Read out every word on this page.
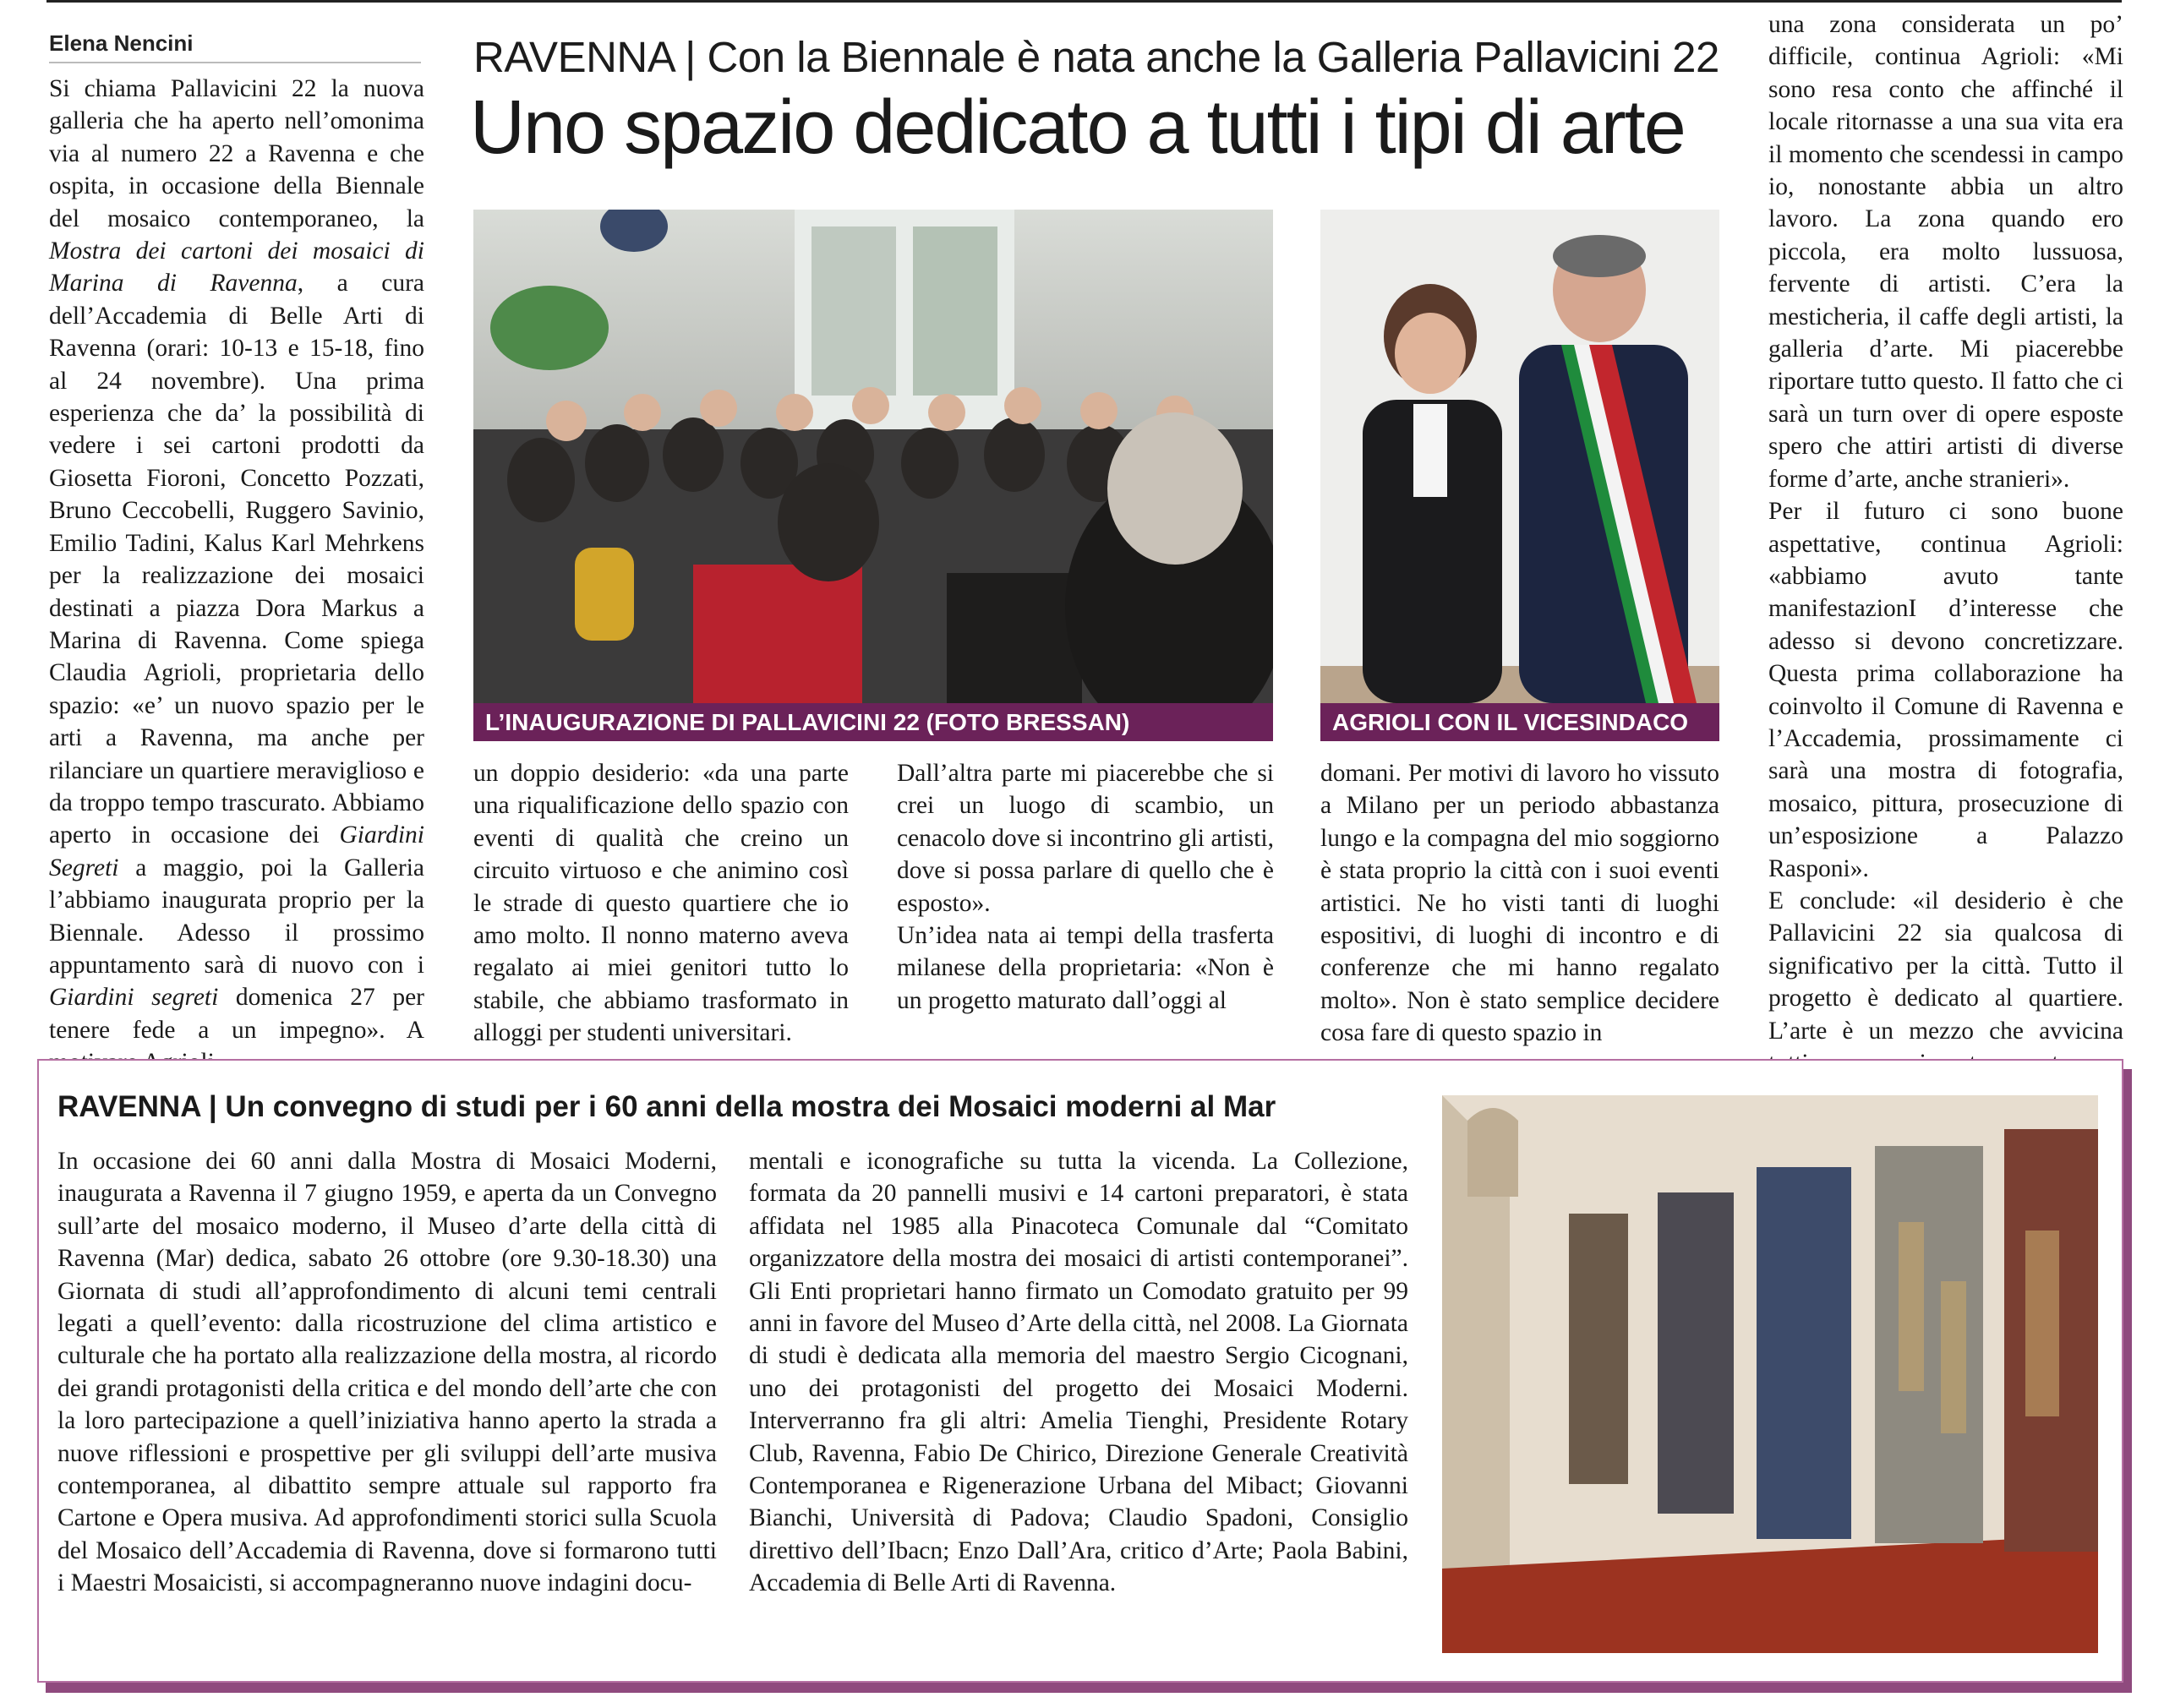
Elena Nencini	RAVENNA | Con la Biennale è nata anche la Galleria Pallavicini 22
Uno spazio dedicato a tutti i tipi di arte

Si chiama Pallavicini 22 la nuova galleria che ha aperto nell’omonima via al numero 22 a Ravenna e che ospita, in occasione della Biennale del mosaico contemporaneo, la Mostra dei cartoni dei mosaici di Marina di Ravenna, a cura dell’Accademia di Belle Arti di Ravenna (orari: 10-13 e 15-18, fino al 24 novembre). Una prima esperienza che da’ la possibilità di vedere i sei cartoni prodotti da Giosetta Fioroni, Concetto Pozzati, Bruno Ceccobelli, Ruggero Savinio, Emilio Tadini, Kalus Karl Mehrkens per la realizzazione dei mosaici destinati a piazza Dora Markus a Marina di Ravenna. Come spiega Claudia Agrioli, proprietaria dello spazio: «e’ un nuovo spazio per le arti a Ravenna, ma anche per rilanciare un quartiere meraviglioso e da troppo tempo trascurato. Abbiamo aperto in occasione dei Giardini Segreti a maggio, poi la Galleria l’abbiamo inaugurata proprio per la Biennale. Adesso il prossimo appuntamento sarà di nuovo con i Giardini segreti domenica 27 per tenere fede a un impegno». A

L’INAUGURAZIONE DI PALLAVICINI 22 (FOTO BRESSAN)	AGRIOLI CON IL VICESINDACO

un doppio desiderio: «da una parte una riqualificazione dello spazio con eventi di qualità che creino un circuito virtuoso e che animino così le strade di questo quartiere che io amo molto. Il nonno materno aveva regalato ai miei genitori tutto lo stabile, che abbiamo trasformato in alloggi per studenti universitari.

Dall’altra parte mi piacerebbe che si crei un luogo di scambio, un cenacolo dove si incontrino gli artisti, dove si possa parlare di quello che è esposto».

Un’idea nata ai tempi della trasferta milanese della proprietaria: «Non è un progetto maturato dall’oggi al

domani. Per motivi di lavoro ho vissuto a Milano per un periodo abbastanza lungo e la compagna del mio soggiorno è stata proprio la città con i suoi eventi artistici. Ne ho visti tanti di luoghi espositivi, di luoghi di incontro e di conferenze che mi hanno regalato molto». Non è stato semplice decidere cosa fare di questo spazio in

una zona considerata un po’ difficile, continua Agrioli: «Mi sono resa conto che affinché il locale ritornasse a una sua vita era il momento che scendessi in campo io, nonostante abbia un altro lavoro. La zona quando ero piccola, era molto lussuosa, fervente di artisti. C’era la mesticheria, il caffe degli artisti, la galleria d’arte. Mi piacerebbe riportare tutto questo. Il fatto che ci sarà un turn over di opere esposte spero che attiri artisti di diverse forme d’arte, anche stranieri».

Per il futuro ci sono buone aspettative, continua Agrioli: «abbiamo avuto tante manifestazionI d’interesse che adesso si devono concretizzare. Questa prima collaborazione ha coinvolto il Comune di Ravenna e l’Accademia, prossimamente ci sarà una mostra di fotografia, mosaico, pittura, prosecuzione di un’esposizione a Palazzo Rasponi».

E conclude: «il desiderio è che Pallavicini 22 sia qualcosa di significativo per la città. Tutto il progetto è dedicato al quartiere. L’arte è un mezzo che avvicina

RAVENNA | Un convegno di studi per i 60 anni della mostra dei Mosaici moderni al Mar

In occasione dei 60 anni dalla Mostra di Mosaici Moderni, inaugurata a Ravenna il 7 giugno 1959, e aperta da un Convegno sull’arte del mosaico moderno, il Museo d’arte della città di Ravenna (Mar) dedica, sabato 26 ottobre (ore 9.30-18.30) una Giornata di studi all’approfondimento di alcuni temi centrali legati a quell’evento: dalla ricostruzione del clima artistico e culturale che ha portato alla realizzazione della mostra, al ricordo dei grandi protagonisti della critica e del mondo dell’arte che con la loro partecipazione a quell’iniziativa hanno aperto la strada a nuove riflessioni e prospettive per gli sviluppi dell’arte musiva contemporanea, al dibattito sempre attuale sul rapporto fra Cartone e Opera musiva. Ad approfondimenti storici sulla Scuola del Mosaico dell’Accademia di Ravenna, dove si formarono tutti i Maestri Mosaicisti, si accompagneranno nuove indagini docu-

mentali e iconografiche su tutta la vicenda. La Collezione, formata da 20 pannelli musivi e 14 cartoni preparatori, è stata affidata nel 1985 alla Pinacoteca Comunale dal “Comitato organizzatore della mostra dei mosaici di artisti contemporanei”. Gli Enti proprietari hanno firmato un Comodato gratuito per 99 anni in favore del Museo d’Arte della città, nel 2008. La Giornata di studi è dedicata alla memoria del maestro Sergio Cicognani, uno dei protagonisti del progetto dei Mosaici Moderni. Interverranno fra gli altri: Amelia Tienghi, Presidente Rotary Club, Ravenna, Fabio De Chirico, Direzione Generale Creatività Contemporanea e Rigenerazione Urbana del Mibact; Giovanni Bianchi, Università di Padova; Claudio Spadoni, Consiglio direttivo dell’Ibacn; Enzo Dall’Ara, critico d’Arte; Paola Babini, Accademia di Belle Arti di Ravenna.
